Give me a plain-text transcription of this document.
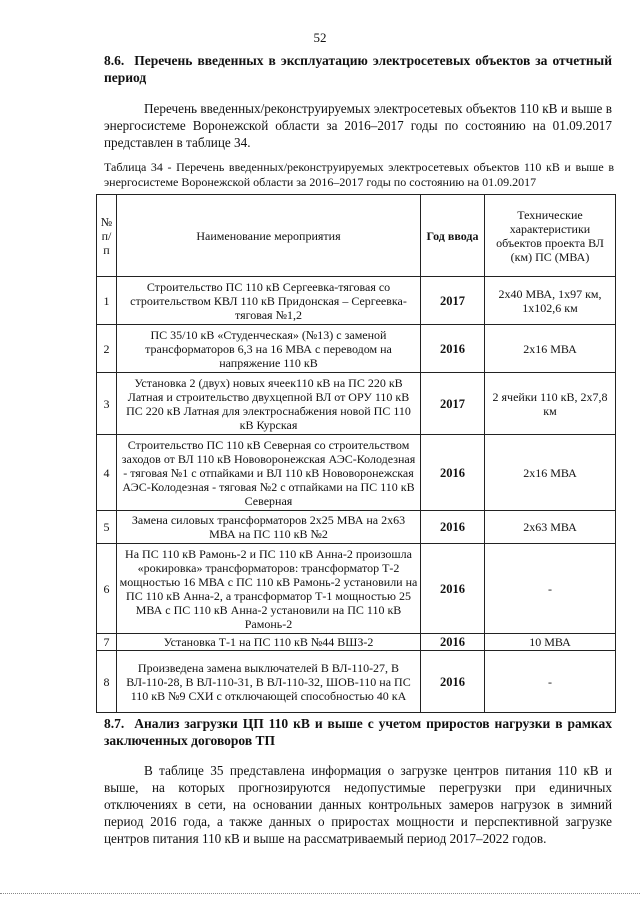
52
8.6. Перечень введенных в эксплуатацию электросетевых объектов за отчетный период
Перечень введенных/реконструируемых электросетевых объектов 110 кВ и выше в энергосистеме Воронежской области за 2016–2017 годы по состоянию на 01.09.2017 представлен в таблице 34.
Таблица 34 - Перечень введенных/реконструируемых электросетевых объектов 110 кВ и выше в энергосистеме Воронежской области за 2016–2017 годы по состоянию на 01.09.2017
№ п/п	Наименование мероприятия	Год ввода	Технические характеристики объектов проекта ВЛ (км) ПС (МВА)
1	Строительство ПС 110 кВ Сергеевка-тяговая со строительством КВЛ 110 кВ Придонская – Сергеевка-тяговая №1,2	2017	2х40 МВА, 1х97 км, 1х102,6 км
2	ПС 35/10 кВ «Студенческая» (№13) с заменой трансформаторов 6,3 на 16 МВА с переводом на напряжение 110 кВ	2016	2х16 МВА
3	Установка 2 (двух) новых ячеек110 кВ на ПС 220 кВ Латная и строительство двухцепной ВЛ от ОРУ 110 кВ ПС 220 кВ Латная для электроснабжения новой ПС 110 кВ Курская	2017	2 ячейки 110 кВ, 2х7,8 км
4	Строительство ПС 110 кВ Северная со строительством заходов от ВЛ 110 кВ Нововоронежская АЭС-Колодезная - тяговая №1 с отпайками и ВЛ 110 кВ Нововоронежская АЭС-Колодезная - тяговая №2 с отпайками на ПС 110 кВ Северная	2016	2х16 МВА
5	Замена силовых трансформаторов 2х25 МВА на 2х63 МВА на ПС 110 кВ №2	2016	2х63 МВА
6	На ПС 110 кВ Рамонь-2 и ПС 110 кВ Анна-2 произошла «рокировка» трансформаторов: трансформатор Т-2 мощностью 16 МВА с ПС 110 кВ Рамонь-2 установили на ПС 110 кВ Анна-2, а трансформатор Т-1 мощностью 25 МВА с ПС 110 кВ Анна-2 установили на ПС 110 кВ Рамонь-2	2016	-
7	Установка Т-1 на ПС 110 кВ №44 ВШЗ-2	2016	10 МВА
8	Произведена замена выключателей В ВЛ-110-27, В ВЛ-110-28, В ВЛ-110-31, В ВЛ-110-32, ШОВ-110 на ПС 110 кВ №9 СХИ с отключающей способностью 40 кА	2016	-
8.7. Анализ загрузки ЦП 110 кВ и выше с учетом приростов нагрузки в рамках заключенных договоров ТП
В таблице 35 представлена информация о загрузке центров питания 110 кВ и выше, на которых прогнозируются недопустимые перегрузки при единичных отключениях в сети, на основании данных контрольных замеров нагрузок в зимний период 2016 года, а также данных о приростах мощности и перспективной загрузке центров питания 110 кВ и выше на рассматриваемый период 2017–2022 годов.
